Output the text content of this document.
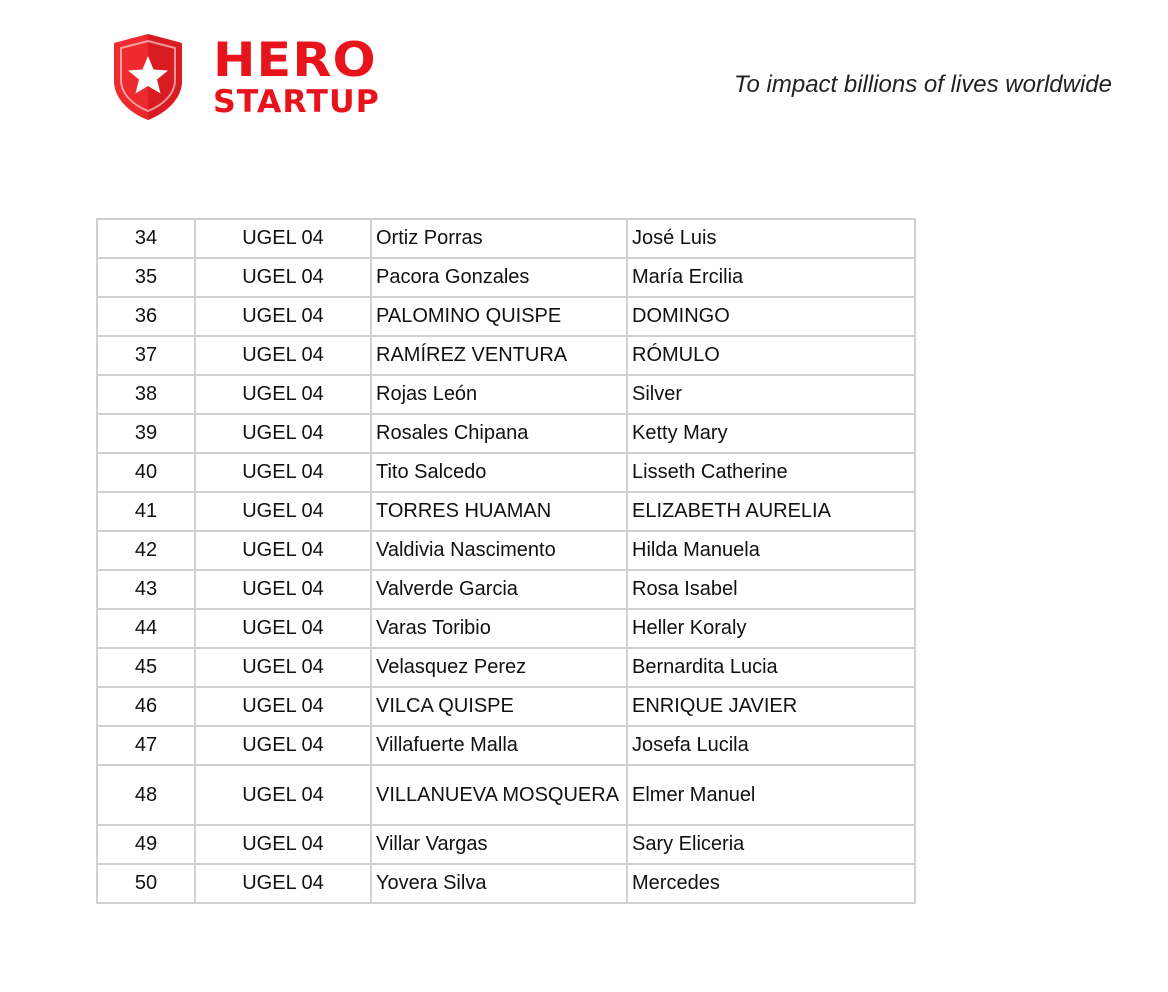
HERO
STARTUP	To impact billions of lives worldwide
34	UGEL 04	Ortiz Porras	José Luis
35	UGEL 04	Pacora Gonzales	María Ercilia
36	UGEL 04	PALOMINO QUISPE	DOMINGO
37	UGEL 04	RAMÍREZ VENTURA	RÓMULO
38	UGEL 04	Rojas León	Silver
39	UGEL 04	Rosales Chipana	Ketty Mary
40	UGEL 04	Tito Salcedo	Lisseth Catherine
41	UGEL 04	TORRES HUAMAN	ELIZABETH AURELIA
42	UGEL 04	Valdivia Nascimento	Hilda Manuela
43	UGEL 04	Valverde Garcia	Rosa Isabel
44	UGEL 04	Varas Toribio	Heller Koraly
45	UGEL 04	Velasquez Perez	Bernardita Lucia
46	UGEL 04	VILCA QUISPE	ENRIQUE JAVIER
47	UGEL 04	Villafuerte Malla	Josefa Lucila
48	UGEL 04	VILLANUEVA MOSQUERA	Elmer Manuel
49	UGEL 04	Villar Vargas	Sary Eliceria
50	UGEL 04	Yovera Silva	Mercedes
